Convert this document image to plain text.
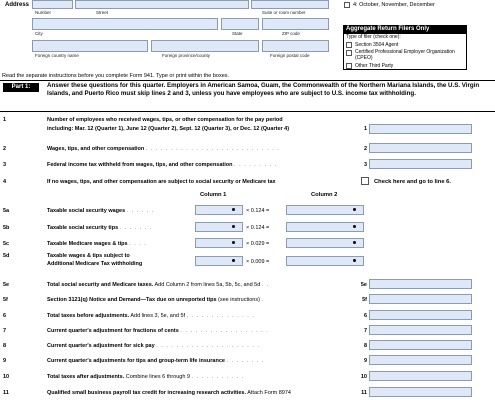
Address
Number	Street	Suite or room number
City	State	ZIP code
Foreign country name	Foreign province/county	Foreign postal code
4: October, November, December
Aggregate Return Filers Only
Type of filer (check one):
Section 3504 Agent
Certified Professional Employer Organization (CPEO)
Other Third Party
Read the separate instructions before you complete Form 941. Type or print within the boxes.
Part 1:	Answer these questions for this quarter. Employers in American Samoa, Guam, the Commonwealth of the Northern Mariana Islands, the U.S. Virgin Islands, and Puerto Rico must skip lines 2 and 3, unless you have employees who are subject to U.S. income tax withholding.
1	Number of employees who received wages, tips, or other compensation for the pay period
including: Mar. 12 (Quarter 1), June 12 (Quarter 2), Sept. 12 (Quarter 3), or Dec. 12 (Quarter 4)	1
2	Wages, tips, and other compensation . . . . . . . . . . . . . . . . . . . . . . . . . . .	2
3	Federal income tax withheld from wages, tips, and other compensation . . . . . . . . .	3
4	If no wages, tips, and other compensation are subject to social security or Medicare tax	Check here and go to line 6.
Column 1	Column 2
5a	Taxable social security wages . . . . . .	× 0.124 =
5b	Taxable social security tips . . . . . . .	× 0.124 =
5c	Taxable Medicare wages & tips . . . .	× 0.029 =
5d	Taxable wages & tips subject to
Additional Medicare Tax withholding	× 0.009 =
5e	Total social security and Medicare taxes. Add Column 2 from lines 5a, 5b, 5c, and 5d . .	5e
5f	Section 3121(q) Notice and Demand—Tax due on unreported tips (see instructions) .	5f
6	Total taxes before adjustments. Add lines 3, 5e, and 5f . . . . . . . . . . . . . .	6
7	Current quarter's adjustment for fractions of cents . . . . . . . . . . . . . . . . . .	7
8	Current quarter's adjustment for sick pay . . . . . . . . . . . . . . . . . . . . .	8
9	Current quarter's adjustments for tips and group-term life insurance . . . . . . . .	9
10	Total taxes after adjustments. Combine lines 6 through 9 . . . . . . . . . . .	10
11	Qualified small business payroll tax credit for increasing research activities. Attach Form 8974	11
